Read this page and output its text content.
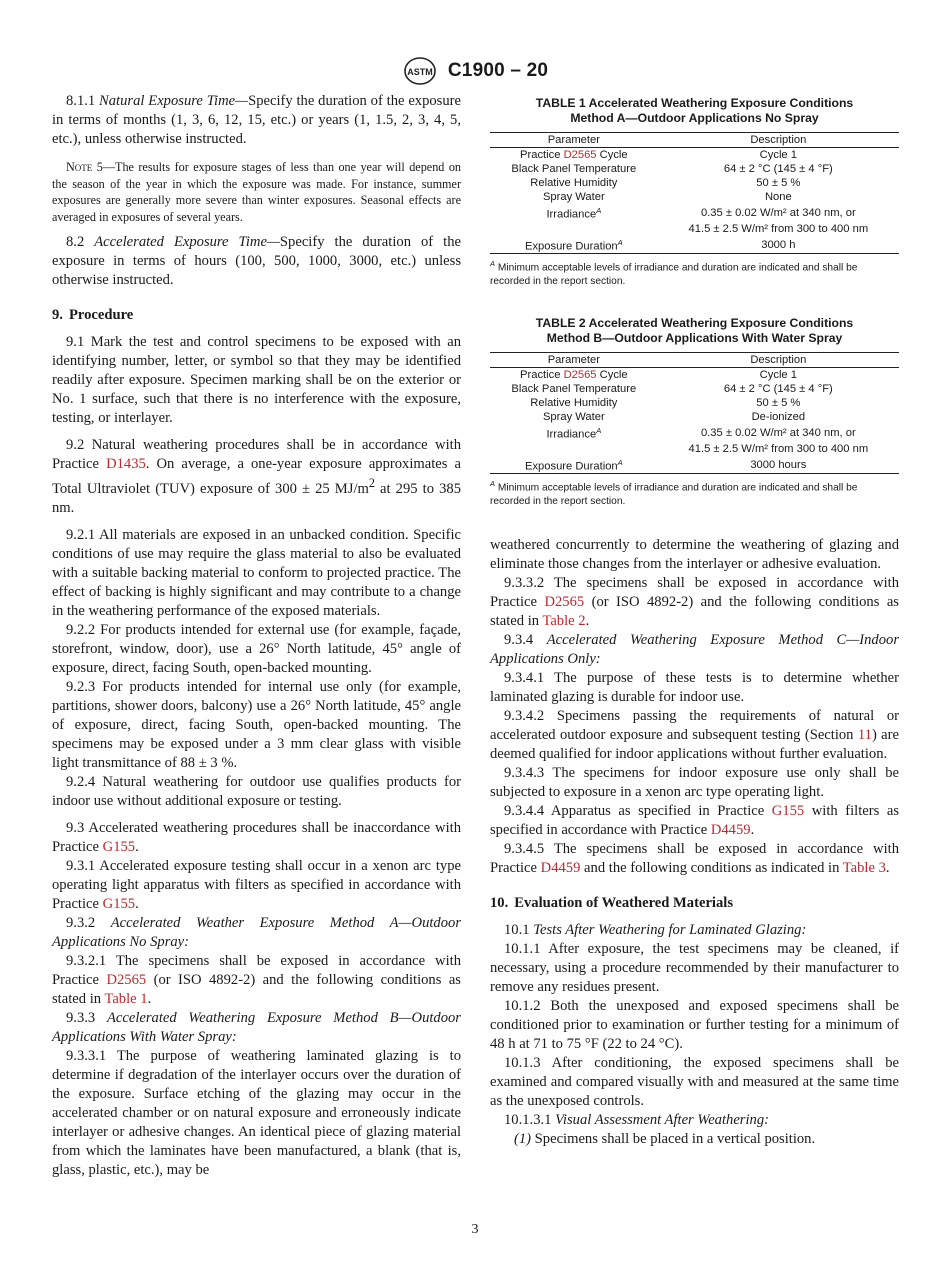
ASTM C1900 – 20

8.1.1 Natural Exposure Time—Specify the duration of the exposure in terms of months (1, 3, 6, 12, 15, etc.) or years (1, 1.5, 2, 3, 4, 5, etc.), unless otherwise instructed.

Note 5—The results for exposure stages of less than one year will depend on the season of the year in which the exposure was made. For instance, summer exposures are generally more severe than winter exposures. Seasonal effects are averaged in exposures of several years.

8.2 Accelerated Exposure Time—Specify the duration of the exposure in terms of hours (100, 500, 1000, 3000, etc.) unless otherwise instructed.

9. Procedure

9.1 Mark the test and control specimens to be exposed with an identifying number, letter, or symbol so that they may be identified readily after exposure. Specimen marking shall be on the exterior or No. 1 surface, such that there is no interference with the exposure, testing, or interlayer.

9.2 Natural weathering procedures shall be in accordance with Practice D1435. On average, a one-year exposure approximates a Total Ultraviolet (TUV) exposure of 300 ± 25 $MJ/m^2$ at 295 to 385 nm.

9.2.1 All materials are exposed in an unbacked condition. Specific conditions of use may require the glass material to also be evaluated with a suitable backing material to conform to projected practice. The effect of backing is highly significant and may contribute to a change in the weathering performance of the exposed materials.

9.2.2 For products intended for external use (for example, façade, storefront, window, door), use a 26° North latitude, 45° angle of exposure, direct, facing South, open-backed mounting.

9.2.3 For products intended for internal use only (for example, partitions, shower doors, balcony) use a 26° North latitude, 45° angle of exposure, direct, facing South, open-backed mounting. The specimens may be exposed under a 3 mm clear glass with visible light transmittance of 88 ± 3 %.

9.2.4 Natural weathering for outdoor use qualifies products for indoor use without additional exposure or testing.

9.3 Accelerated weathering procedures shall be inaccordance with Practice G155.

9.3.1 Accelerated exposure testing shall occur in a xenon arc type operating light apparatus with filters as specified in accordance with Practice G155.

9.3.2 Accelerated Weather Exposure Method A—Outdoor Applications No Spray:

9.3.2.1 The specimens shall be exposed in accordance with Practice D2565 (or ISO 4892-2) and the following conditions as stated in Table 1.

9.3.3 Accelerated Weathering Exposure Method B—Outdoor Applications With Water Spray:

9.3.3.1 The purpose of weathering laminated glazing is to determine if degradation of the interlayer occurs over the duration of the exposure. Surface etching of the glazing may occur in the accelerated chamber or on natural exposure and erroneously indicate interlayer or adhesive changes. An identical piece of glazing material from which the laminates have been manufactured, a blank (that is, glass, plastic, etc.), may be

TABLE 1 Accelerated Weathering Exposure Conditions
Method A—Outdoor Applications No Spray
Parameter	Description
Practice D2565 Cycle	Cycle 1
Black Panel Temperature	64 ± 2 °C (145 ± 4 °F)
Relative Humidity	50 ± 5 %
Spray Water	None
Irradiance$^A$	0.35 ± 0.02 W/m² at 340 nm, or
	41.5 ± 2.5 W/m² from 300 to 400 nm
Exposure Duration$^A$	3000 h
$^A$ Minimum acceptable levels of irradiance and duration are indicated and shall be recorded in the report section.
TABLE 2 Accelerated Weathering Exposure Conditions
Method B—Outdoor Applications With Water Spray
Parameter	Description
Practice D2565 Cycle	Cycle 1
Black Panel Temperature	64 ± 2 °C (145 ± 4 °F)
Relative Humidity	50 ± 5 %
Spray Water	De-ionized
Irradiance$^A$	0.35 ± 0.02 W/m² at 340 nm, or
	41.5 ± 2.5 W/m² from 300 to 400 nm
Exposure Duration$^A$	3000 hours
$^A$ Minimum acceptable levels of irradiance and duration are indicated and shall be recorded in the report section.

weathered concurrently to determine the weathering of glazing and eliminate those changes from the interlayer or adhesive evaluation.

9.3.3.2 The specimens shall be exposed in accordance with Practice D2565 (or ISO 4892-2) and the following conditions as stated in Table 2.

9.3.4 Accelerated Weathering Exposure Method C—Indoor Applications Only:

9.3.4.1 The purpose of these tests is to determine whether laminated glazing is durable for indoor use.

9.3.4.2 Specimens passing the requirements of natural or accelerated outdoor exposure and subsequent testing (Section 11) are deemed qualified for indoor applications without further evaluation.

9.3.4.3 The specimens for indoor exposure use only shall be subjected to exposure in a xenon arc type operating light.

9.3.4.4 Apparatus as specified in Practice G155 with filters as specified in accordance with Practice D4459.

9.3.4.5 The specimens shall be exposed in accordance with Practice D4459 and the following conditions as indicated in Table 3.

10. Evaluation of Weathered Materials

10.1 Tests After Weathering for Laminated Glazing:

10.1.1 After exposure, the test specimens may be cleaned, if necessary, using a procedure recommended by their manufacturer to remove any residues present.

10.1.2 Both the unexposed and exposed specimens shall be conditioned prior to examination or further testing for a minimum of 48 h at 71 to 75 °F (22 to 24 °C).

10.1.3 After conditioning, the exposed specimens shall be examined and compared visually with and measured at the same time as the unexposed controls.

10.1.3.1 Visual Assessment After Weathering:

(1) Specimens shall be placed in a vertical position.

3
